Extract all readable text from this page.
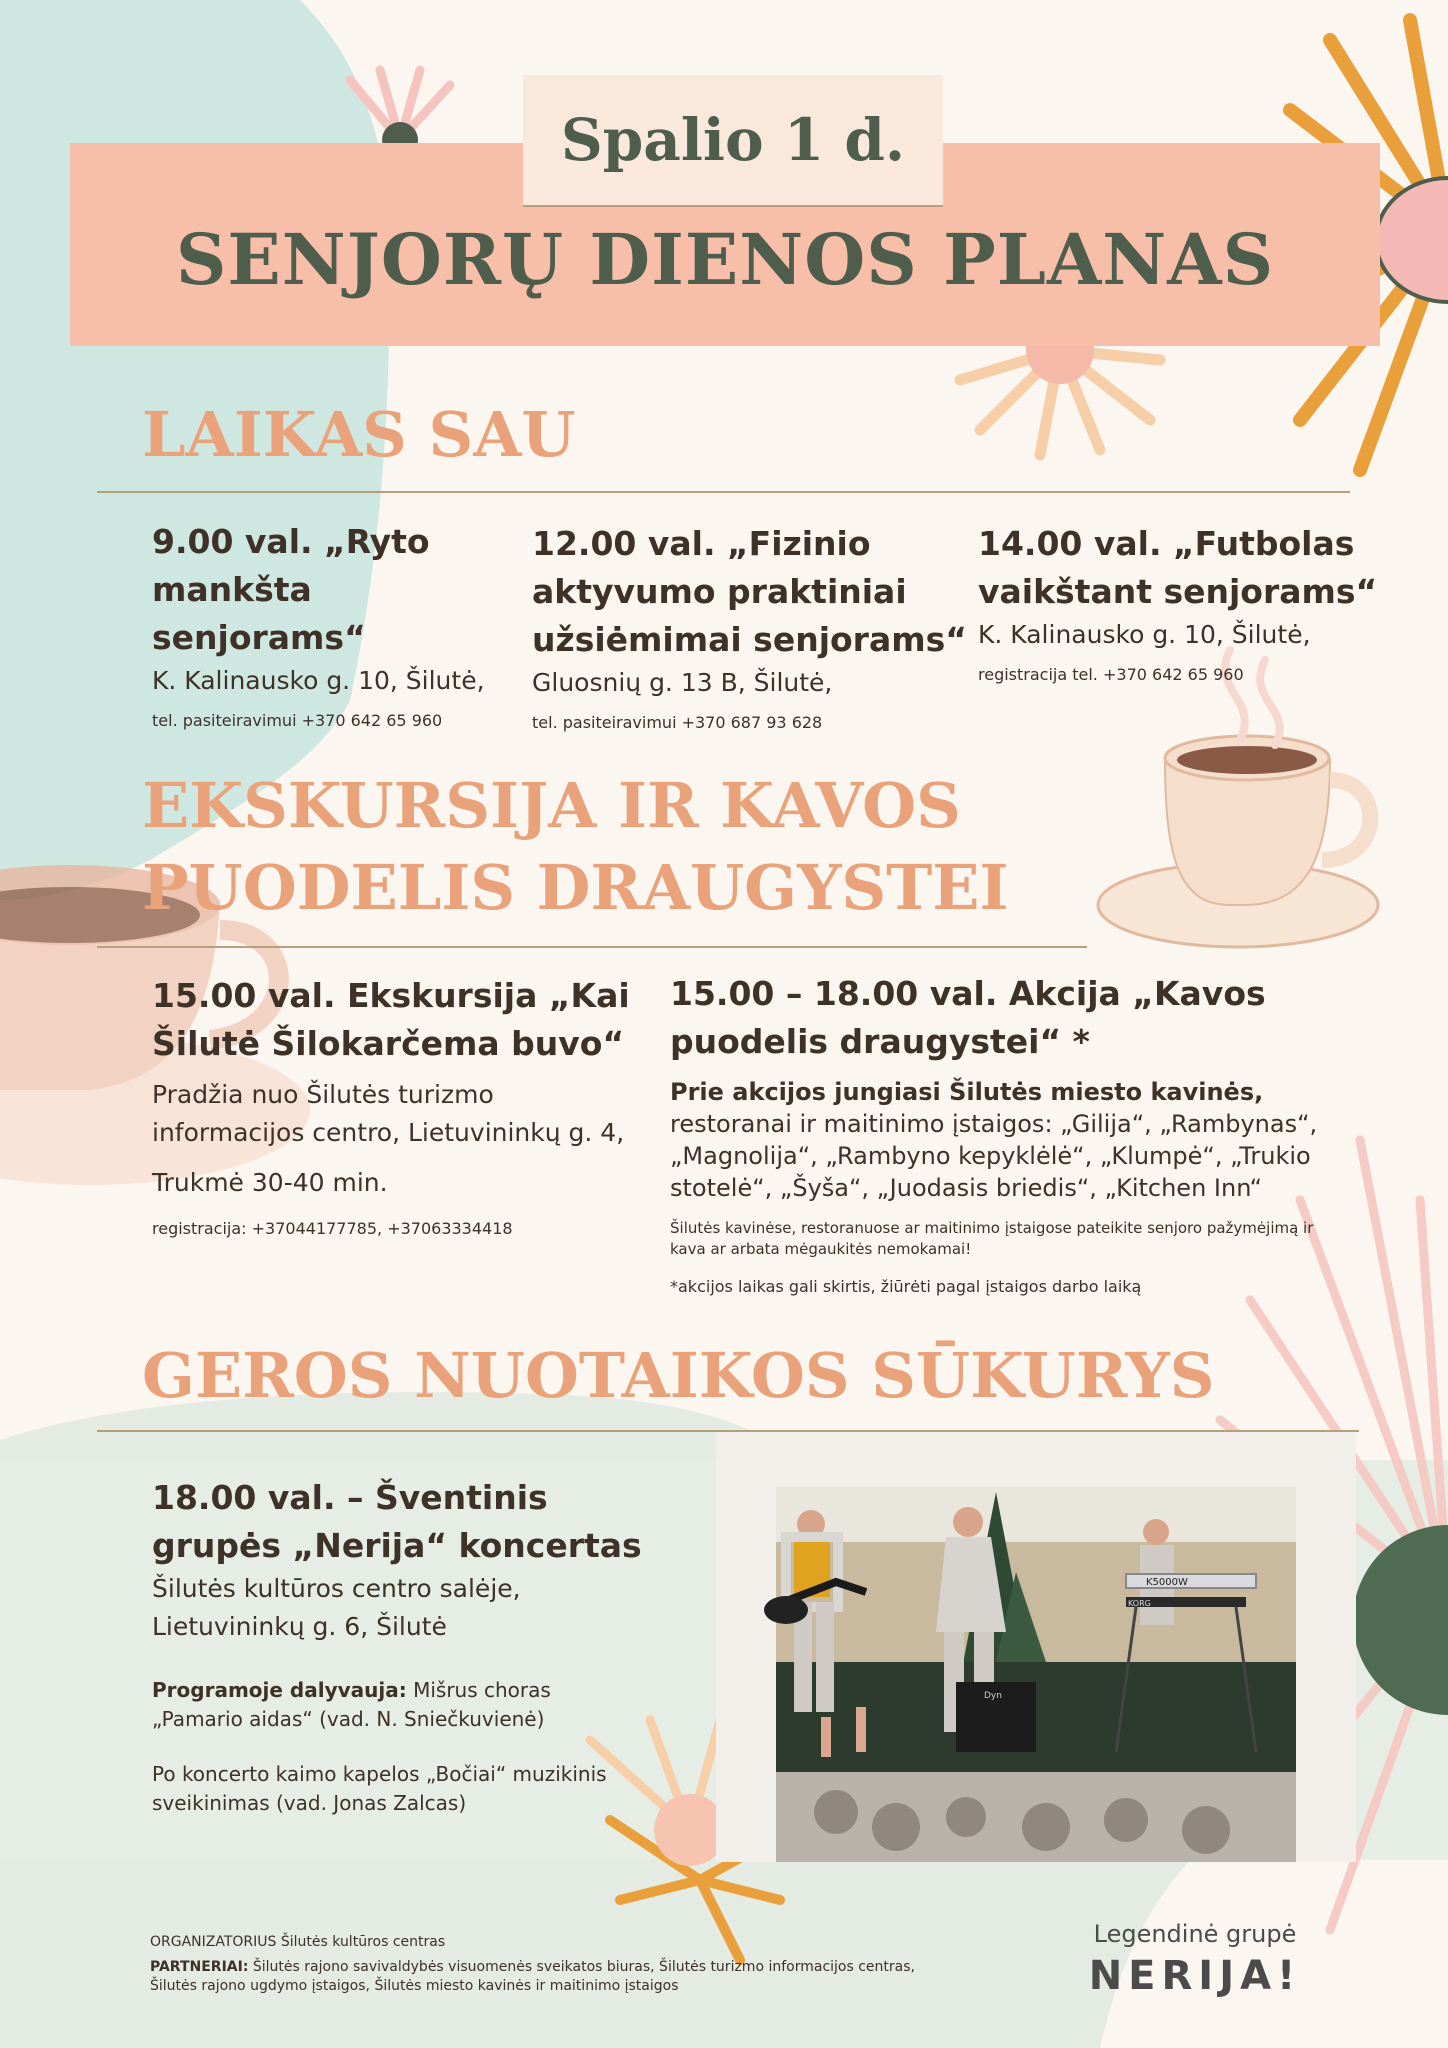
Spalio 1 d.
SENJORŲ DIENOS PLANAS
LAIKAS SAU
9.00 val. „Ryto
mankšta
senjorams“
K. Kalinausko g. 10, Šilutė,
tel. pasiteiravimui +370 642 65 960
12.00 val. „Fizinio
aktyvumo praktiniai
užsiėmimai senjorams“
Gluosnių g. 13 B, Šilutė,
tel. pasiteiravimui +370 687 93 628
14.00 val. „Futbolas
vaikštant senjorams“
K. Kalinausko g. 10, Šilutė,
registracija tel. +370 642 65 960
EKSKURSIJA IR KAVOS
PUODELIS DRAUGYSTEI
15.00 val. Ekskursija „Kai
Šilutė Šilokarčema buvo“
Pradžia nuo Šilutės turizmo
informacijos centro, Lietuvininkų g. 4,
Trukmė 30-40 min.
registracija: +37044177785, +37063334418
15.00 – 18.00 val. Akcija „Kavos
puodelis draugystei“ *
Prie akcijos jungiasi Šilutės miesto kavinės,
restoranai ir maitinimo įstaigos: „Gilija“, „Rambynas“,
„Magnolija“, „Rambyno kepyklėlė“, „Klumpė“, „Trukio
stotelė“, „Šyša“, „Juodasis briedis“, „Kitchen Inn“
Šilutės kavinėse, restoranuose ar maitinimo įstaigose pateikite senjoro pažymėjimą ir
kava ar arbata mėgaukitės nemokamai!
*akcijos laikas gali skirtis, žiūrėti pagal įstaigos darbo laiką
GEROS NUOTAIKOS SŪKURYS
18.00 val. – Šventinis
grupės „Nerija“ koncertas
Šilutės kultūros centro salėje,
Lietuvininkų g. 6, Šilutė
Programoje dalyvauja: Mišrus choras
„Pamario aidas“ (vad. N. Sniečkuvienė)
Po koncerto kaimo kapelos „Bočiai“ muzikinis
sveikinimas (vad. Jonas Zalcas)
K5000W
KORG
Dyn
ORGANIZATORIUS Šilutės kultūros centras
PARTNERIAI: Šilutės rajono savivaldybės visuomenės sveikatos biuras, Šilutės turizmo informacijos centras,
Šilutės rajono ugdymo įstaigos, Šilutės miesto kavinės ir maitinimo įstaigos
Legendinė grupė
NERIJA!
